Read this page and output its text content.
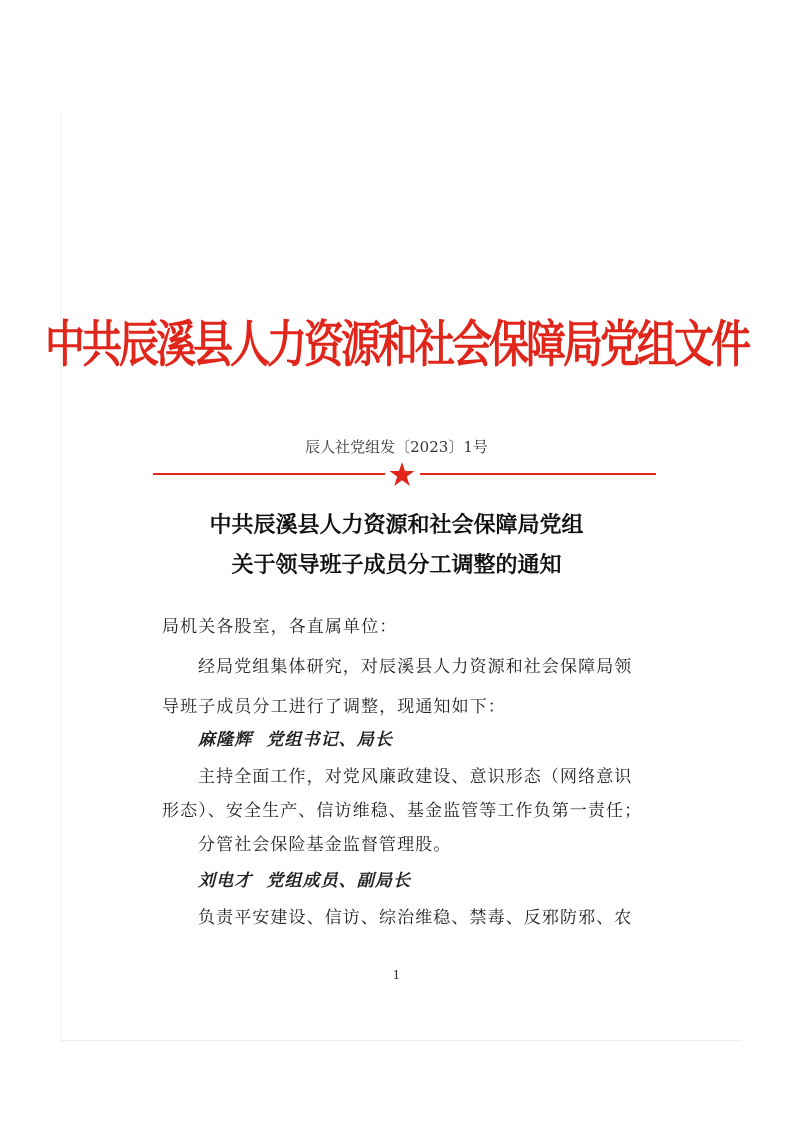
中共辰溪县人力资源和社会保障局党组文件
辰人社党组发〔2023〕1号
中共辰溪县人力资源和社会保障局党组
关于领导班子成员分工调整的通知
局机关各股室，各直属单位：
经局党组集体研究，对辰溪县人力资源和社会保障局领
导班子成员分工进行了调整，现通知如下：
麻隆辉 党组书记、局长
主持全面工作，对党风廉政建设、意识形态（网络意识
形态）、安全生产、信访维稳、基金监管等工作负第一责任；
分管社会保险基金监督管理股。
刘电才 党组成员、副局长
负责平安建设、信访、综治维稳、禁毒、反邪防邪、农
1
